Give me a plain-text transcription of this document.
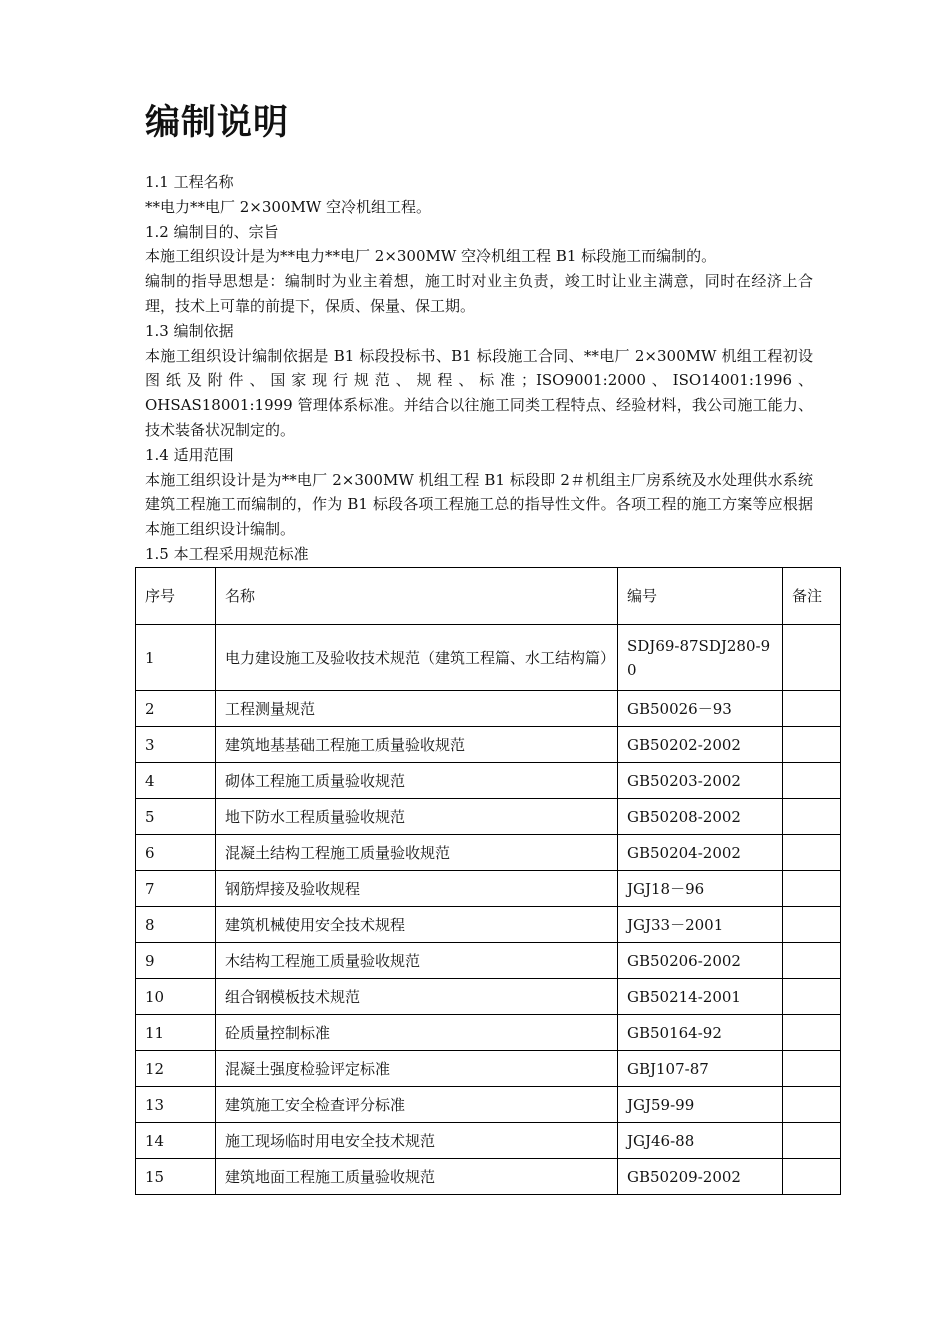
编制说明

1.1 工程名称

**电力**电厂 2×300MW 空冷机组工程。

1.2 编制目的、宗旨

本施工组织设计是为**电力**电厂 2×300MW 空冷机组工程 B1 标段施工而编制的。

编制的指导思想是：编制时为业主着想，施工时对业主负责，竣工时让业主满意，同时在经济上合理，技术上可靠的前提下，保质、保量、保工期。

1.3 编制依据

本施工组织设计编制依据是 B1 标段投标书、B1 标段施工合同、**电厂 2×300MW 机组工程初设图纸及附件、国家现行规范、规程、标准；ISO9001:2000、ISO14001:1996、OHSAS18001:1999 管理体系标准。并结合以往施工同类工程特点、经验材料，我公司施工能力、技术装备状况制定的。

1.4 适用范围

本施工组织设计是为**电厂 2×300MW 机组工程 B1 标段即 2＃机组主厂房系统及水处理供水系统建筑工程施工而编制的，作为 B1 标段各项工程施工总的指导性文件。各项工程的施工方案等应根据本施工组织设计编制。

1.5 本工程采用规范标准

序号	名称	编号	备注
1	电力建设施工及验收技术规范（建筑工程篇、水工结构篇）	SDJ69-87SDJ280-9 0	
2	工程测量规范	GB50026－93	
3	建筑地基基础工程施工质量验收规范	GB50202-2002	
4	砌体工程施工质量验收规范	GB50203-2002	
5	地下防水工程质量验收规范	GB50208-2002	
6	混凝土结构工程施工质量验收规范	GB50204-2002	
7	钢筋焊接及验收规程	JGJ18－96	
8	建筑机械使用安全技术规程	JGJ33－2001	
9	木结构工程施工质量验收规范	GB50206-2002	
10	组合钢模板技术规范	GB50214-2001	
11	砼质量控制标准	GB50164-92	
12	混凝土强度检验评定标准	GBJ107-87	
13	建筑施工安全检查评分标准	JGJ59-99	
14	施工现场临时用电安全技术规范	JGJ46-88	
15	建筑地面工程施工质量验收规范	GB50209-2002	
